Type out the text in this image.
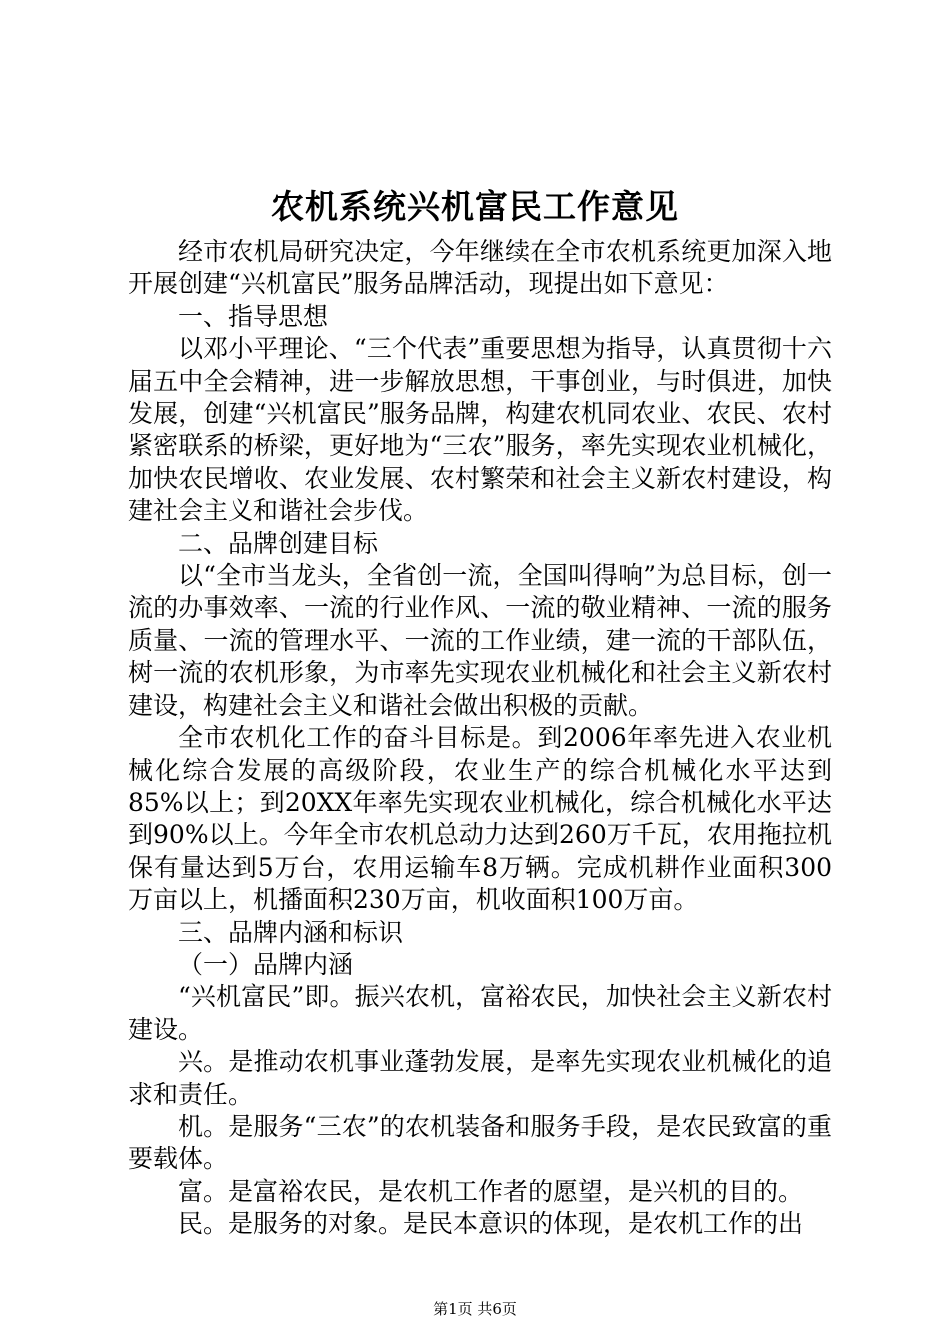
农机系统兴机富民工作意见

经市农机局研究决定，今年继续在全市农机系统更加深入地开展创建“兴机富民”服务品牌活动，现提出如下意见：

一、指导思想

以邓小平理论、“三个代表”重要思想为指导，认真贯彻十六届五中全会精神，进一步解放思想，干事创业，与时俱进，加快发展，创建“兴机富民”服务品牌，构建农机同农业、农民、农村紧密联系的桥梁，更好地为“三农”服务，率先实现农业机械化，加快农民增收、农业发展、农村繁荣和社会主义新农村建设，构建社会主义和谐社会步伐。

二、品牌创建目标

以“全市当龙头，全省创一流，全国叫得响”为总目标，创一流的办事效率、一流的行业作风、一流的敬业精神、一流的服务质量、一流的管理水平、一流的工作业绩，建一流的干部队伍，树一流的农机形象，为市率先实现农业机械化和社会主义新农村建设，构建社会主义和谐社会做出积极的贡献。

全市农机化工作的奋斗目标是。到2006年率先进入农业机械化综合发展的高级阶段，农业生产的综合机械化水平达到85%以上；到20XX年率先实现农业机械化，综合机械化水平达到90%以上。今年全市农机总动力达到260万千瓦，农用拖拉机保有量达到5万台，农用运输车8万辆。完成机耕作业面积300万亩以上，机播面积230万亩，机收面积100万亩。

三、品牌内涵和标识

（一）品牌内涵

“兴机富民”即。振兴农机，富裕农民，加快社会主义新农村建设。

兴。是推动农机事业蓬勃发展，是率先实现农业机械化的追求和责任。

机。是服务“三农”的农机装备和服务手段，是农民致富的重要载体。

富。是富裕农民，是农机工作者的愿望，是兴机的目的。

民。是服务的对象。是民本意识的体现，是农机工作的出

第1页 共6页
